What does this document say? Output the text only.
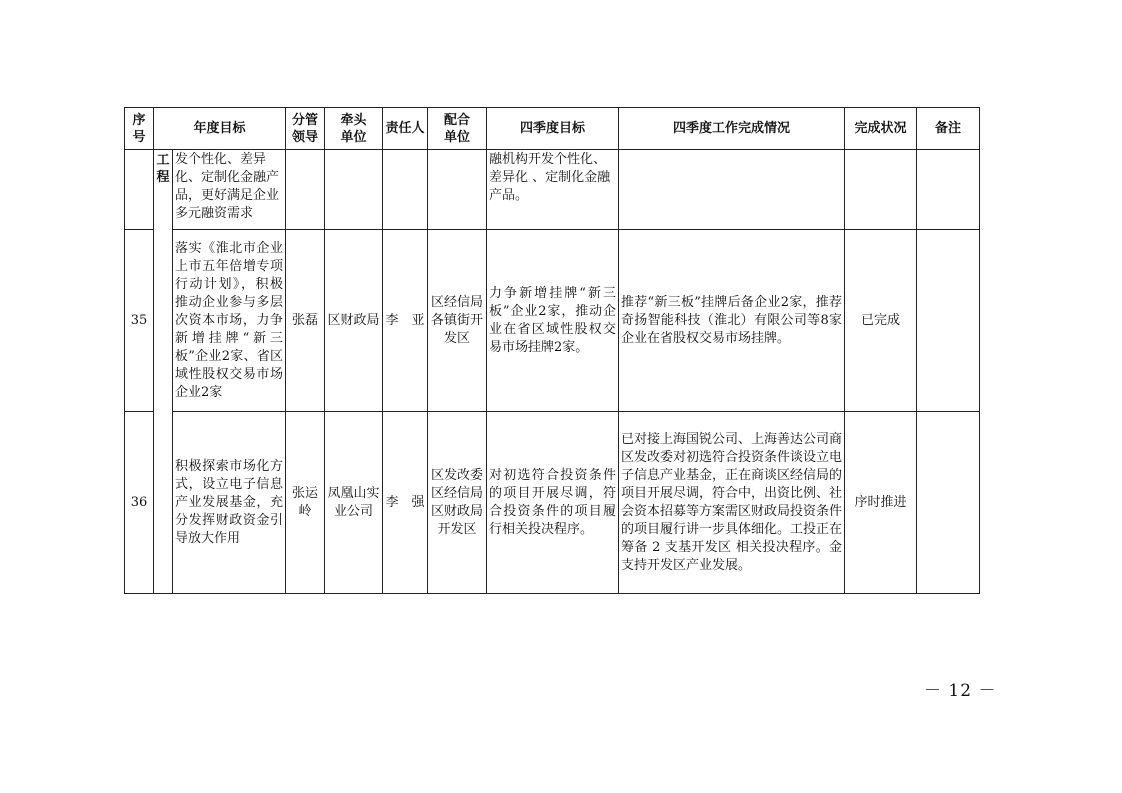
序号	年度目标		分管领导	牵头单位	责任人	配合单位	四季度目标	四季度工作完成情况	完成状况	备注

	工程	发个性化、差异化、定制化金融产品，更好满足企业多元融资需求					融机构开发个性化、差异化 、定制化金融产品。			
35		落实《淮北市企业上市五年倍增专项行动计划》，积极推动企业参与多层次资本市场，力争新增挂牌“新三板”企业2家、省区域性股权交易市场企业2家	张磊	区财政局	李　亚	区经信局各镇街开发区	力争新增挂牌“新三板”企业2家，推动企业在省区域性股权交易市场挂牌2家。	推荐“新三板”挂牌后备企业2家，推荐奇扬智能科技（淮北）有限公司等8家企业在省股权交易市场挂牌。	已完成	
36		积极探索市场化方式，设立电子信息产业发展基金，充分发挥财政资金引导放大作用	张运岭	凤凰山实业公司	李　强	区发改委区经信局区财政局开发区	对初选符合投资条件的项目开展尽调，符合投资条件的项目履行相关投决程序。	已对接上海国锐公司、上海善达公司商区发改委对初选符合投资条件谈设立电子信息产业基金，正在商谈区经信局的项目开展尽调，符合中，出资比例、社会资本招募等方案需区财政局投资条件的项目履行讲一步具体细化。工投正在筹备 2 支基开发区 相关投决程序。金支持开发区产业发展。	序时推进	
－ 12 －
